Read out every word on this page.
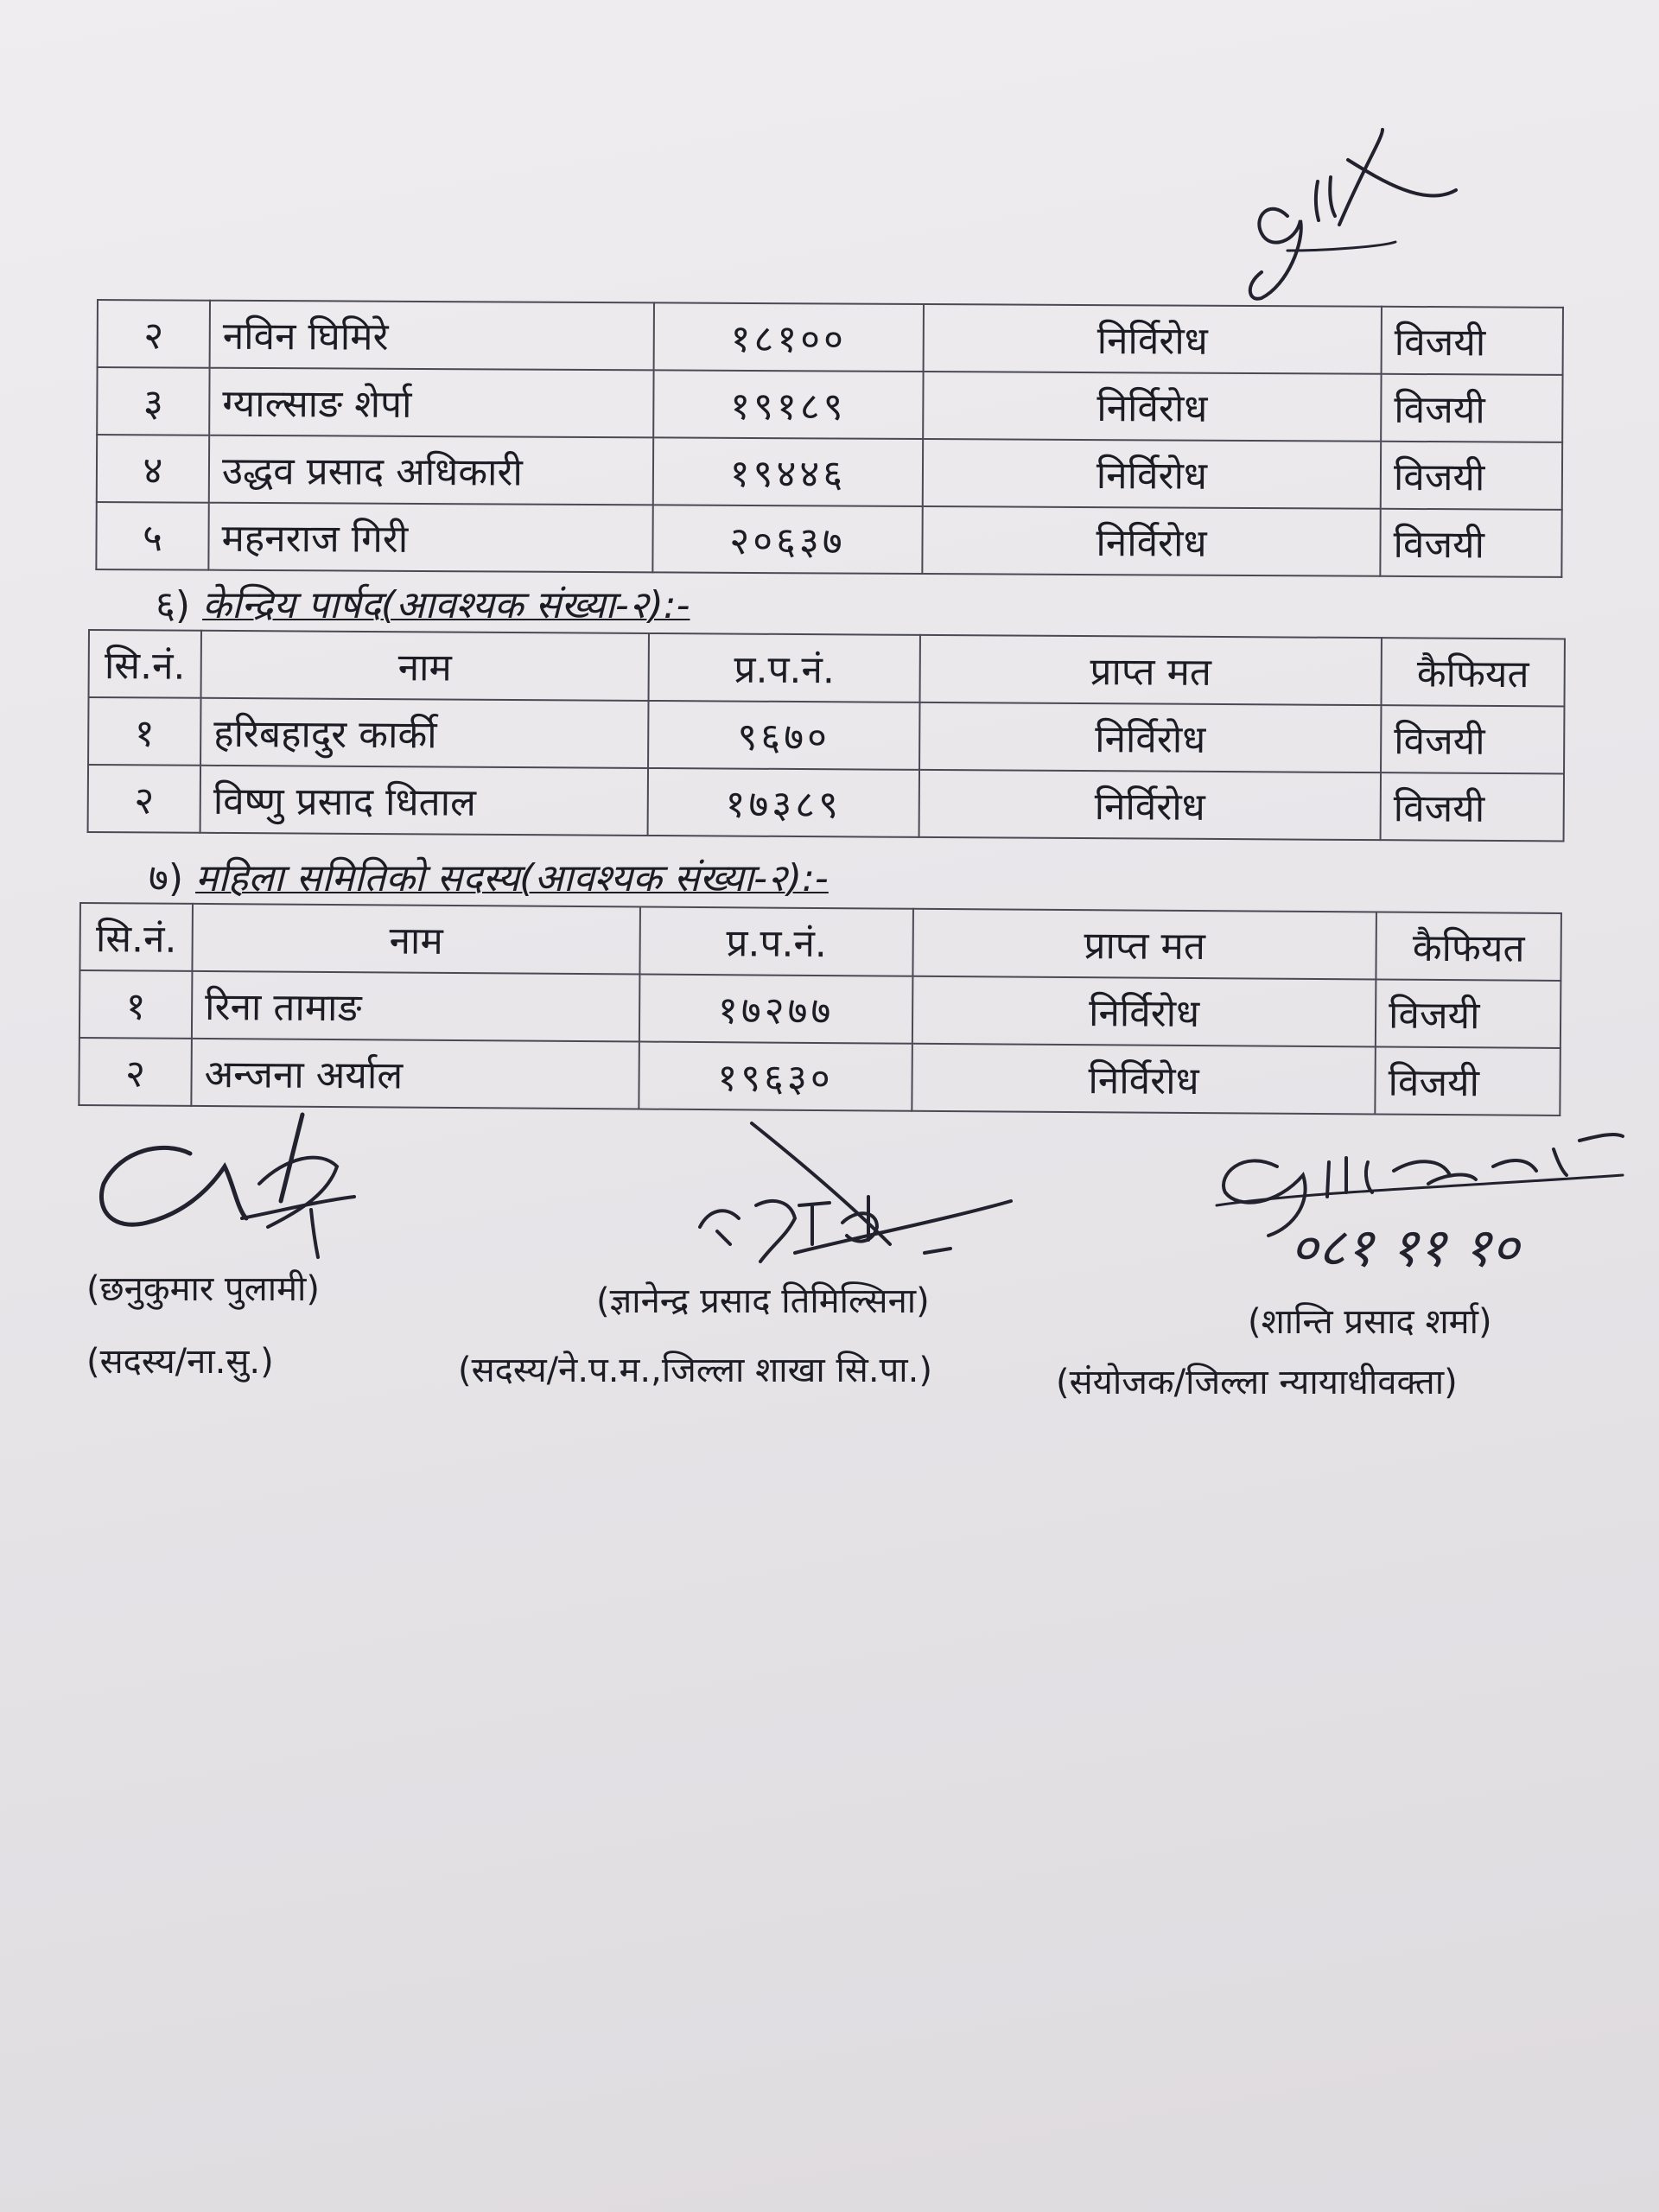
२	नविन घिमिरे	१८१००	निर्विरोध	विजयी
३	ग्याल्साङ शेर्पा	१९१८९	निर्विरोध	विजयी
४	उद्धव प्रसाद अधिकारी	१९४४६	निर्विरोध	विजयी
५	महनराज गिरी	२०६३७	निर्विरोध	विजयी
६) केन्द्रिय पार्षद(आवश्यक संख्या-२):-
सि.नं.	नाम	प्र.प.नं.	प्राप्त मत	कैफियत
१	हरिबहादुर कार्की	९६७०	निर्विरोध	विजयी
२	विष्णु प्रसाद धिताल	१७३८९	निर्विरोध	विजयी
७) महिला समितिको सदस्य(आवश्यक संख्या-२):-
सि.नं.	नाम	प्र.प.नं.	प्राप्त मत	कैफियत
१	रिना तामाङ	१७२७७	निर्विरोध	विजयी
२	अन्जना अर्याल	१९६३०	निर्विरोध	विजयी
०८१ ११ १०
(छनुकुमार पुलामी)
(सदस्य/ना.सु.)
(ज्ञानेन्द्र प्रसाद तिमिल्सिना)
(सदस्य/ने.प.म.,जिल्ला शाखा सि.पा.)
(शान्ति प्रसाद शर्मा)
(संयोजक/जिल्ला न्यायाधीवक्ता)
